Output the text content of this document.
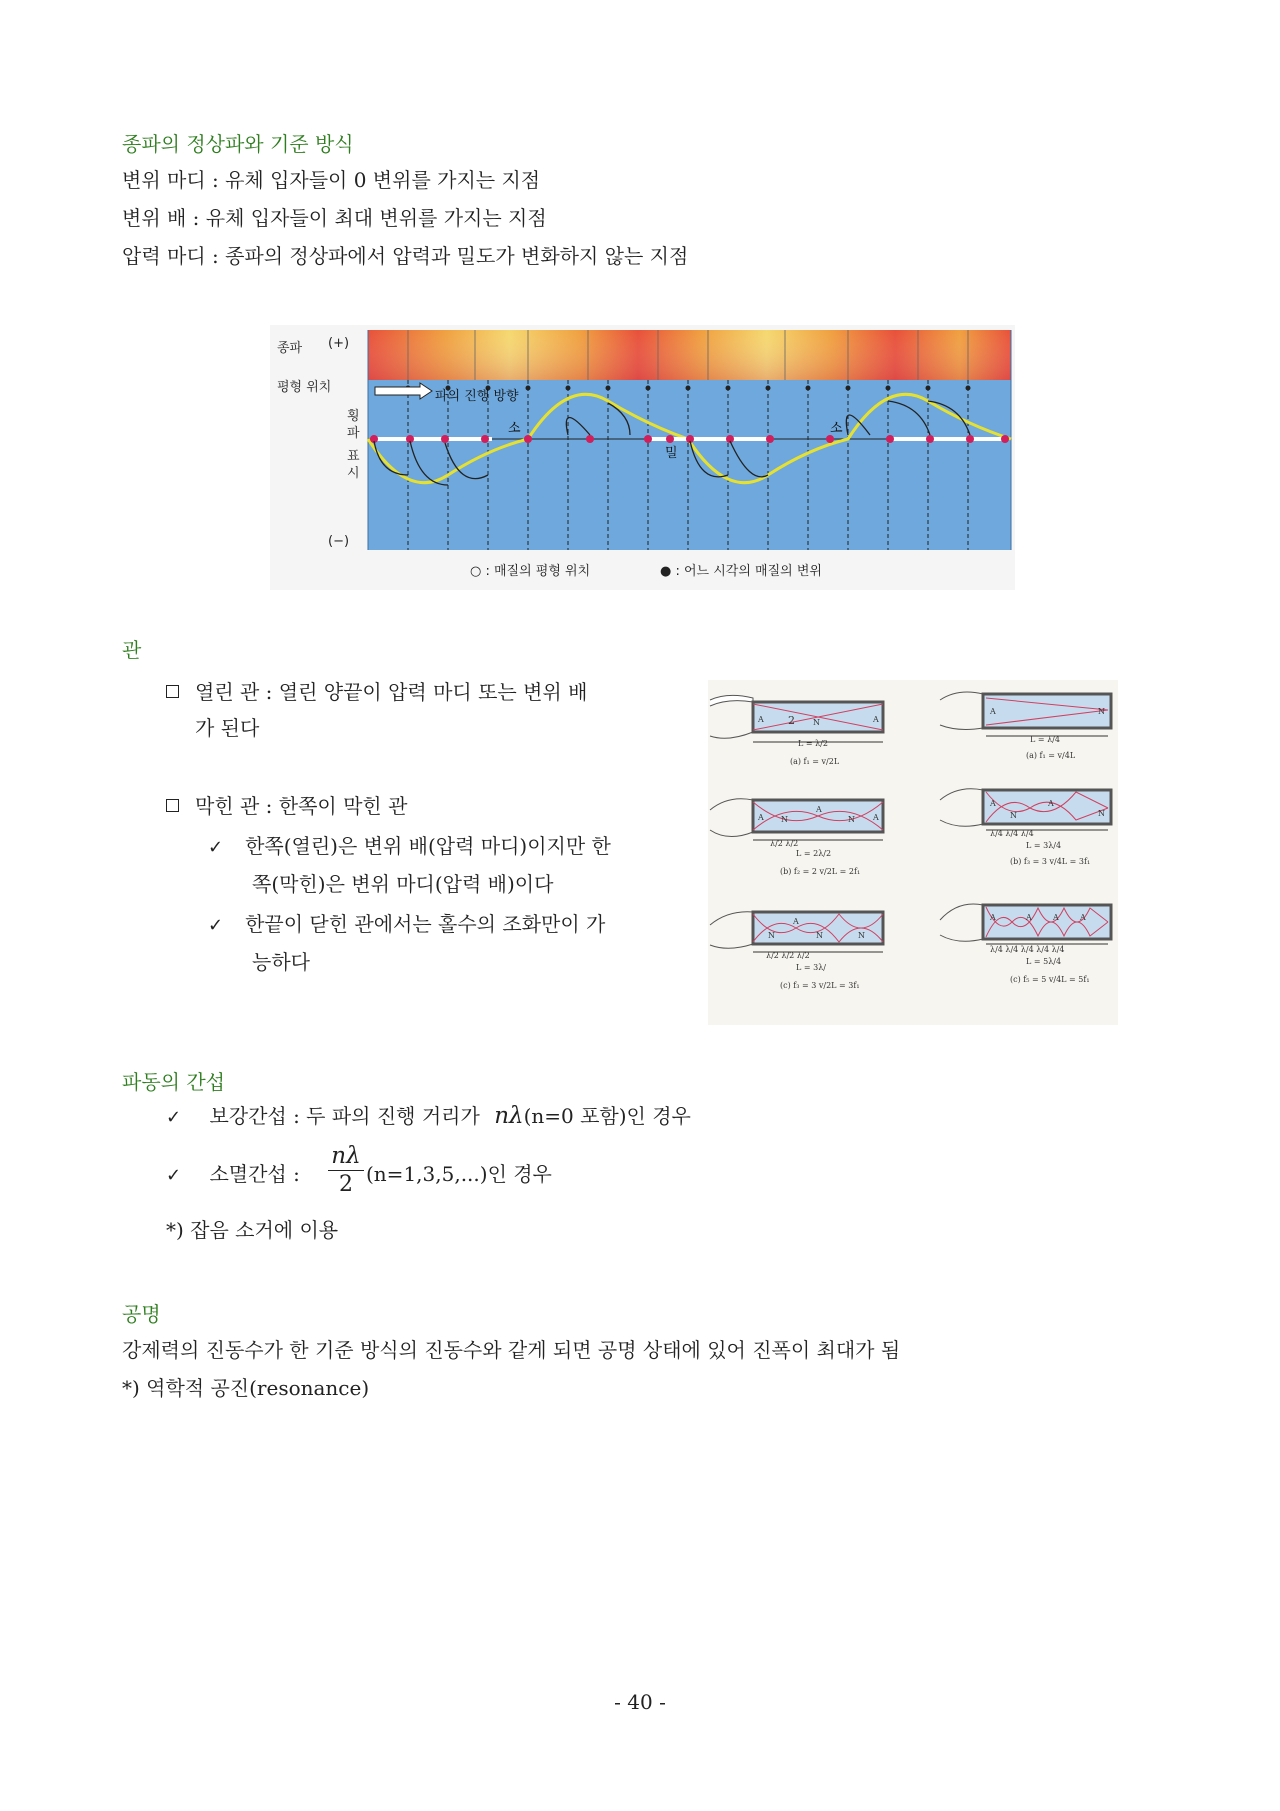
종파의 정상파와 기준 방식
변위 마디 : 유체 입자들이 0 변위를 가지는 지점
변위 배 : 유체 입자들이 최대 변위를 가지는 지점
압력 마디 : 종파의 정상파에서 압력과 밀도가 변화하지 않는 지점
종파 (+)
(−)
평형 위치
횡
파
표
시
파의 진행 방향
소
밀
소
○ : 매질의 평형 위치	● : 어느 시각의 매질의 변위
관
열린 관 : 열린 양끝이 압력 마디 또는 변위 배
가 된다
막힌 관 : 한쪽이 막힌 관
✓ 한쪽(열린)은 변위 배(압력 마디)이지만 한
쪽(막힌)은 변위 마디(압력 배)이다
✓ 한끝이 닫힌 관에서는 홀수의 조화만이 가
능하다
A	N	A
2
L = λ/2
(a) f₁ = v/2L
A N
A
N A
λ/2 λ/2
L = 2λ/2
(b) f₂ = 2 v/2L = 2f₁
N
A
N	N
λ/2 λ/2 λ/2
L = 3λ/
(c) f₃ = 3 v/2L = 3f₁
A	N
L = λ/4
(a) f₁ = v/4L
A
N
A
N
λ/4 λ/4 λ/4
L = 3λ/4
(b) f₃ = 3 v/4L = 3f₁
A	A	A	A
λ/4 λ/4 λ/4 λ/4 λ/4
L = 5λ/4
(c) f₅ = 5 v/4L = 5f₁
파동의 간섭
✓ 보강간섭 : 두 파의 진행 거리가 nλ(n=0 포함)인 경우
✓ 소멸간섭 : $\frac{n\lambda}{2} (n=1,3,5,...)$인 경우
*) 잡음 소거에 이용
공명
강제력의 진동수가 한 기준 방식의 진동수와 같게 되면 공명 상태에 있어 진폭이 최대가 됨
*) 역학적 공진(resonance)
- 40 -
